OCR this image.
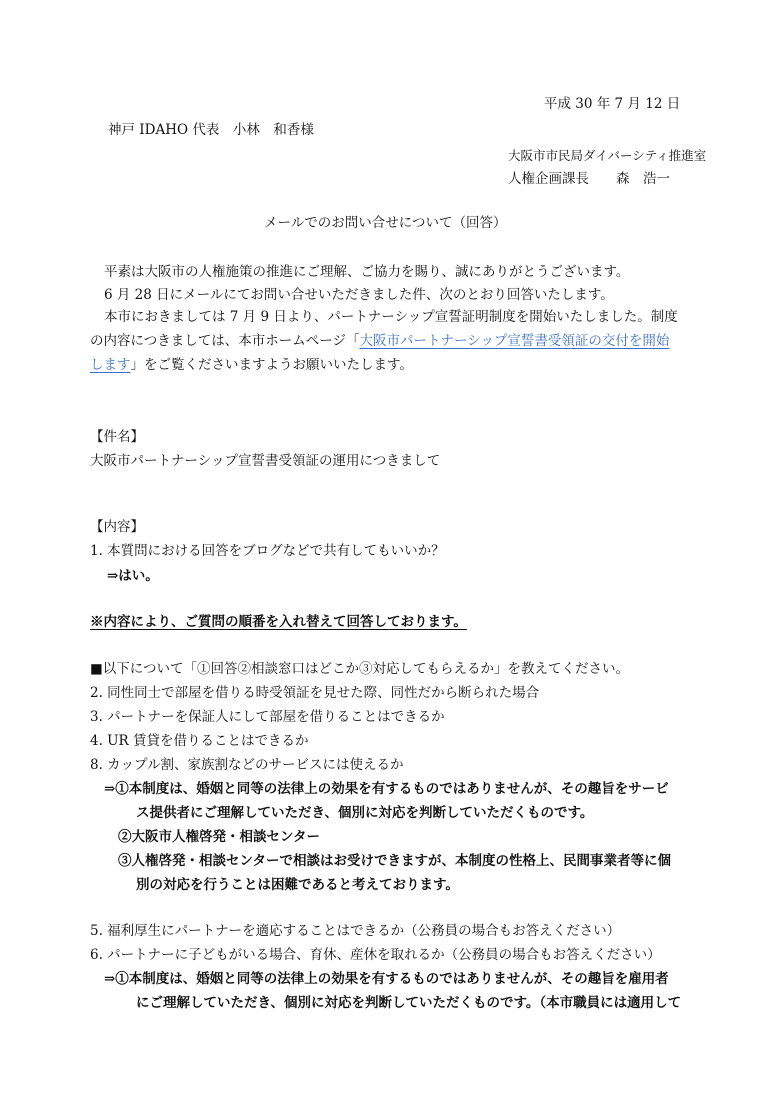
平成 30 年 7 月 12 日
神戸 IDAHO 代表　小林　和香様
大阪市市民局ダイバーシティ推進室
人権企画課長　　森　浩一
メールでのお問い合せについて（回答）
平素は大阪市の人権施策の推進にご理解、ご協力を賜り、誠にありがとうございます。
6 月 28 日にメールにてお問い合せいただきました件、次のとおり回答いたします。
本市におきましては 7 月 9 日より、パートナーシップ宣誓証明制度を開始いたしました。制度
の内容につきましては、本市ホームページ「大阪市パートナーシップ宣誓書受領証の交付を開始
します」をご覧くださいますようお願いいたします。
【件名】
大阪市パートナーシップ宣誓書受領証の運用につきまして
【内容】
1. 本質問における回答をブログなどで共有してもいいか？
⇒はい。
※内容により、ご質問の順番を入れ替えて回答しております。
■以下について「①回答②相談窓口はどこか③対応してもらえるか」を教えてください。
2. 同性同士で部屋を借りる時受領証を見せた際、同性だから断られた場合
3. パートナーを保証人にして部屋を借りることはできるか
4. UR 賃貸を借りることはできるか
8. カップル割、家族割などのサービスには使えるか
⇒①本制度は、婚姻と同等の法律上の効果を有するものではありませんが、その趣旨をサービ
ス提供者にご理解していただき、個別に対応を判断していただくものです。
②大阪市人権啓発・相談センター
③人権啓発・相談センターで相談はお受けできますが、本制度の性格上、民間事業者等に個
別の対応を行うことは困難であると考えております。
5. 福利厚生にパートナーを適応することはできるか（公務員の場合もお答えください）
6. パートナーに子どもがいる場合、育休、産休を取れるか（公務員の場合もお答えください）
⇒①本制度は、婚姻と同等の法律上の効果を有するものではありませんが、その趣旨を雇用者
にご理解していただき、個別に対応を判断していただくものです。（本市職員には適用して
